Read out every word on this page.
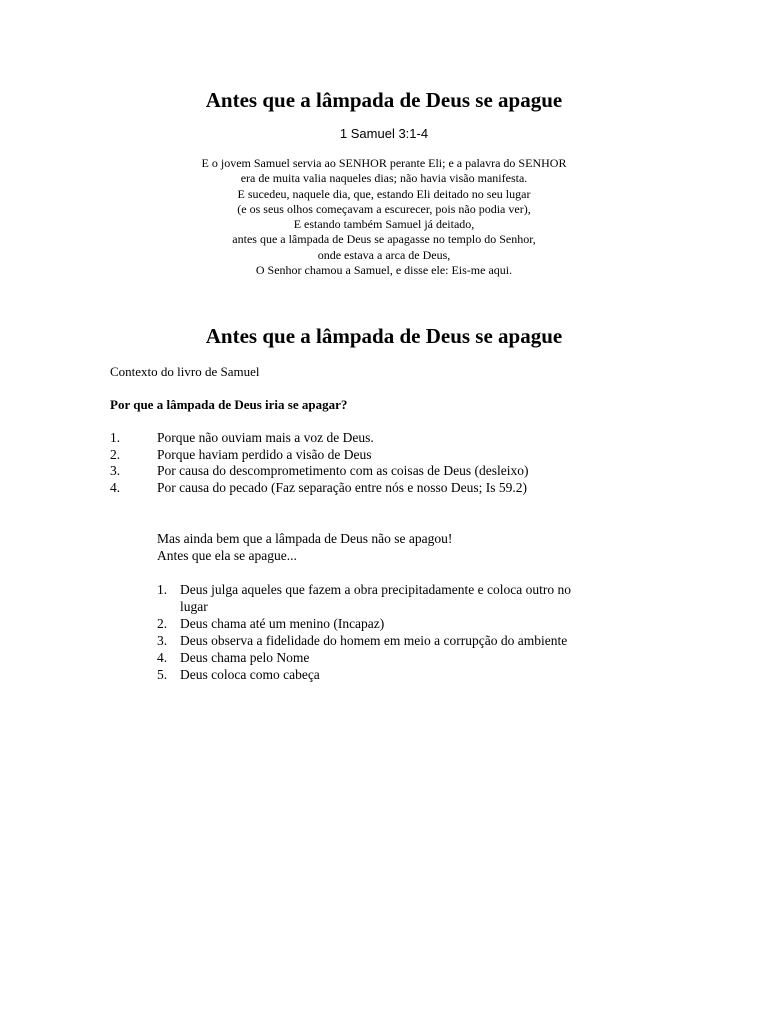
Antes que a lâmpada de Deus se apague
1 Samuel 3:1-4
E o jovem Samuel servia ao SENHOR perante Eli; e a palavra do SENHOR
era de muita valia naqueles dias; não havia visão manifesta.
E sucedeu, naquele dia, que, estando Eli deitado no seu lugar
(e os seus olhos começavam a escurecer, pois não podia ver),
E estando também Samuel já deitado,
antes que a lâmpada de Deus se apagasse no templo do Senhor,
onde estava a arca de Deus,
O Senhor chamou a Samuel, e disse ele: Eis-me aqui.
Antes que a lâmpada de Deus se apague
Contexto do livro de Samuel
Por que a lâmpada de Deus iria se apagar?
1.	Porque não ouviam mais a voz de Deus.
2.	Porque haviam perdido a visão de Deus
3.	Por causa do descomprometimento com as coisas de Deus (desleixo)
4.	Por causa do pecado (Faz separação entre nós e nosso Deus; Is 59.2)
Mas ainda bem que a lâmpada de Deus não se apagou!
Antes que ela se apague...
1. Deus julga aqueles que fazem a obra precipitadamente e coloca outro no
lugar
2. Deus chama até um menino (Incapaz)
3. Deus observa a fidelidade do homem em meio a corrupção do ambiente
4. Deus chama pelo Nome
5. Deus coloca como cabeça
